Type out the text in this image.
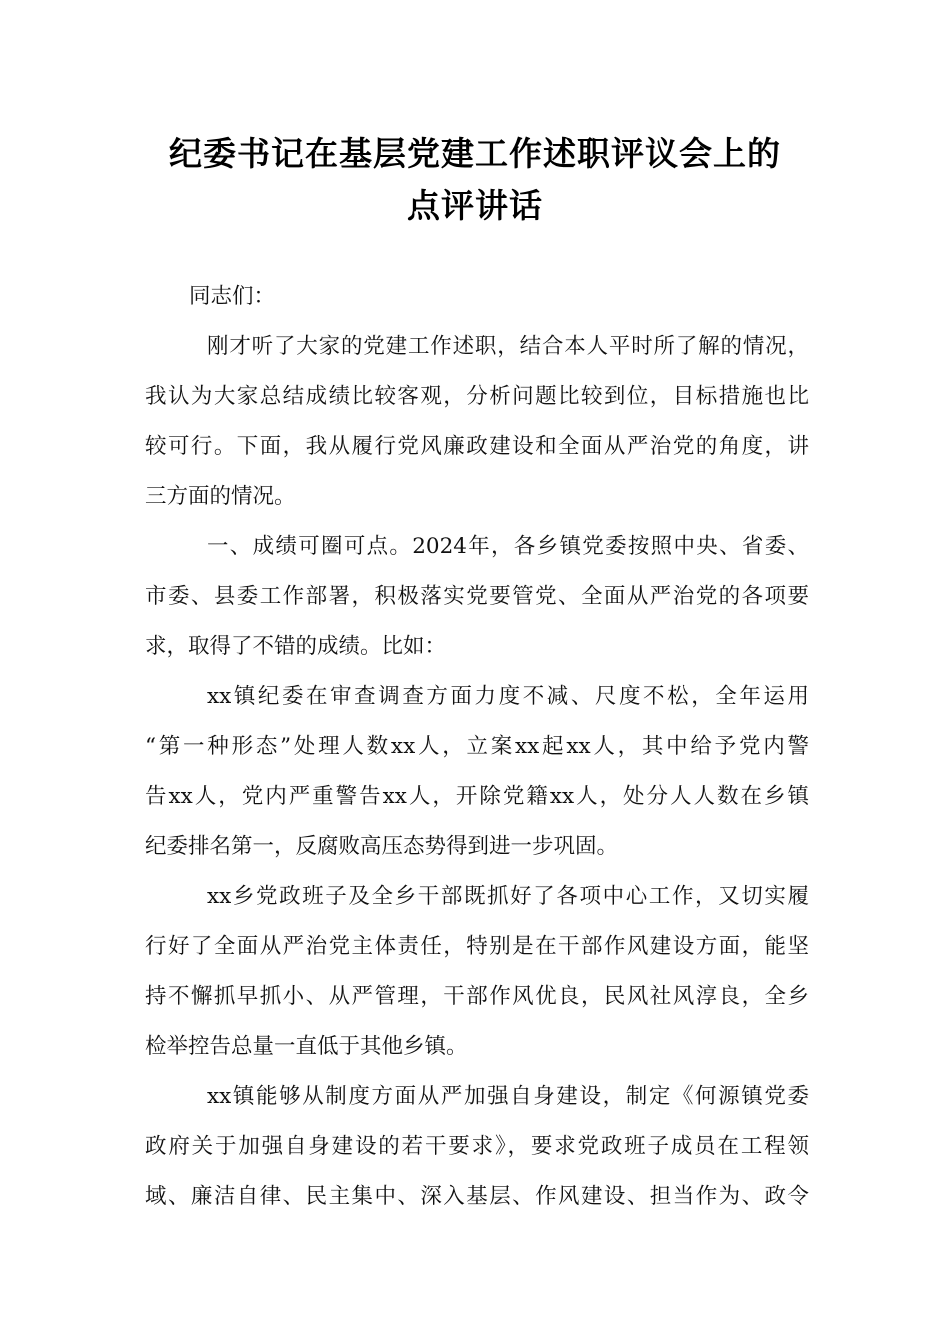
纪委书记在基层党建工作述职评议会上的
点评讲话
同志们：
刚才听了大家的党建工作述职，结合本人平时所了解的情况，
我认为大家总结成绩比较客观，分析问题比较到位，目标措施也比
较可行。下面，我从履行党风廉政建设和全面从严治党的角度，讲
三方面的情况。
一、成绩可圈可点。2024年，各乡镇党委按照中央、省委、
市委、县委工作部署，积极落实党要管党、全面从严治党的各项要
求，取得了不错的成绩。比如：
xx镇纪委在审查调查方面力度不减、尺度不松，全年运用
“第一种形态”处理人数xx人，立案xx起xx人，其中给予党内警
告xx人，党内严重警告xx人，开除党籍xx人，处分人人数在乡镇
纪委排名第一，反腐败高压态势得到进一步巩固。
xx乡党政班子及全乡干部既抓好了各项中心工作，又切实履
行好了全面从严治党主体责任，特别是在干部作风建设方面，能坚
持不懈抓早抓小、从严管理，干部作风优良，民风社风淳良，全乡
检举控告总量一直低于其他乡镇。
xx镇能够从制度方面从严加强自身建设，制定《何源镇党委
政府关于加强自身建设的若干要求》，要求党政班子成员在工程领
域、廉洁自律、民主集中、深入基层、作风建设、担当作为、政令
